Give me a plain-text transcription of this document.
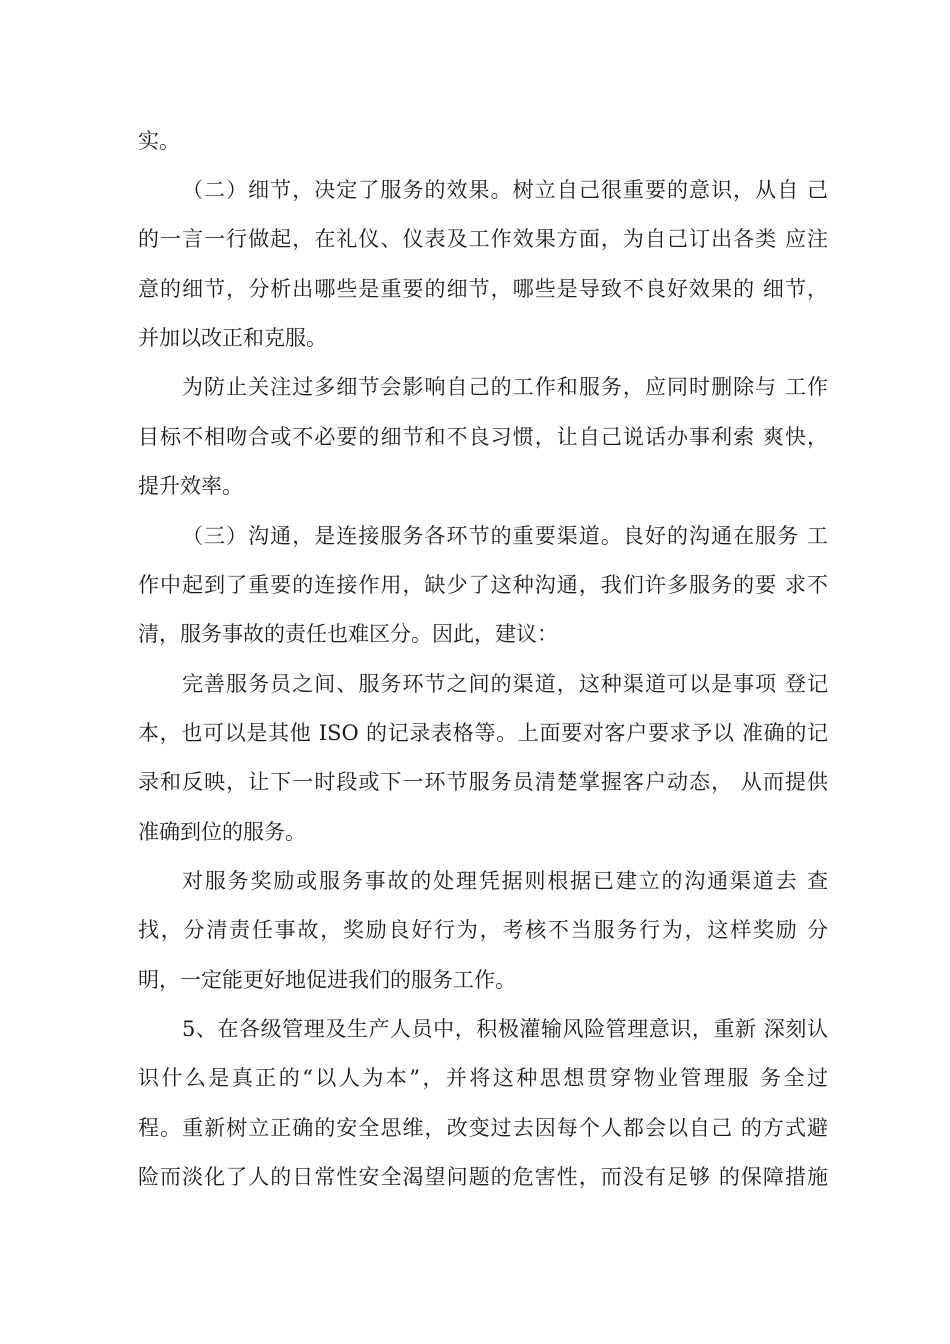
实。
（二）细节，决定了服务的效果。树立自己很重要的意识，从自 己
的一言一行做起，在礼仪、仪表及工作效果方面，为自己订出各类 应注
意的细节，分析出哪些是重要的细节，哪些是导致不良好效果的 细节，
并加以改正和克服。
为防止关注过多细节会影响自己的工作和服务，应同时删除与 工作
目标不相吻合或不必要的细节和不良习惯，让自己说话办事利索 爽快，
提升效率。
（三）沟通，是连接服务各环节的重要渠道。良好的沟通在服务 工
作中起到了重要的连接作用，缺少了这种沟通，我们许多服务的要 求不
清，服务事故的责任也难区分。因此，建议：
完善服务员之间、服务环节之间的渠道，这种渠道可以是事项 登记
本，也可以是其他 ISO 的记录表格等。上面要对客户要求予以 准确的记
录和反映，让下一时段或下一环节服务员清楚掌握客户动态， 从而提供
准确到位的服务。
对服务奖励或服务事故的处理凭据则根据已建立的沟通渠道去 查
找，分清责任事故，奖励良好行为，考核不当服务行为，这样奖励 分
明，一定能更好地促进我们的服务工作。
5、在各级管理及生产人员中，积极灌输风险管理意识，重新 深刻认
识什么是真正的“以人为本”，并将这种思想贯穿物业管理服 务全过
程。重新树立正确的安全思维，改变过去因每个人都会以自己 的方式避
险而淡化了人的日常性安全渴望问题的危害性，而没有足够 的保障措施
